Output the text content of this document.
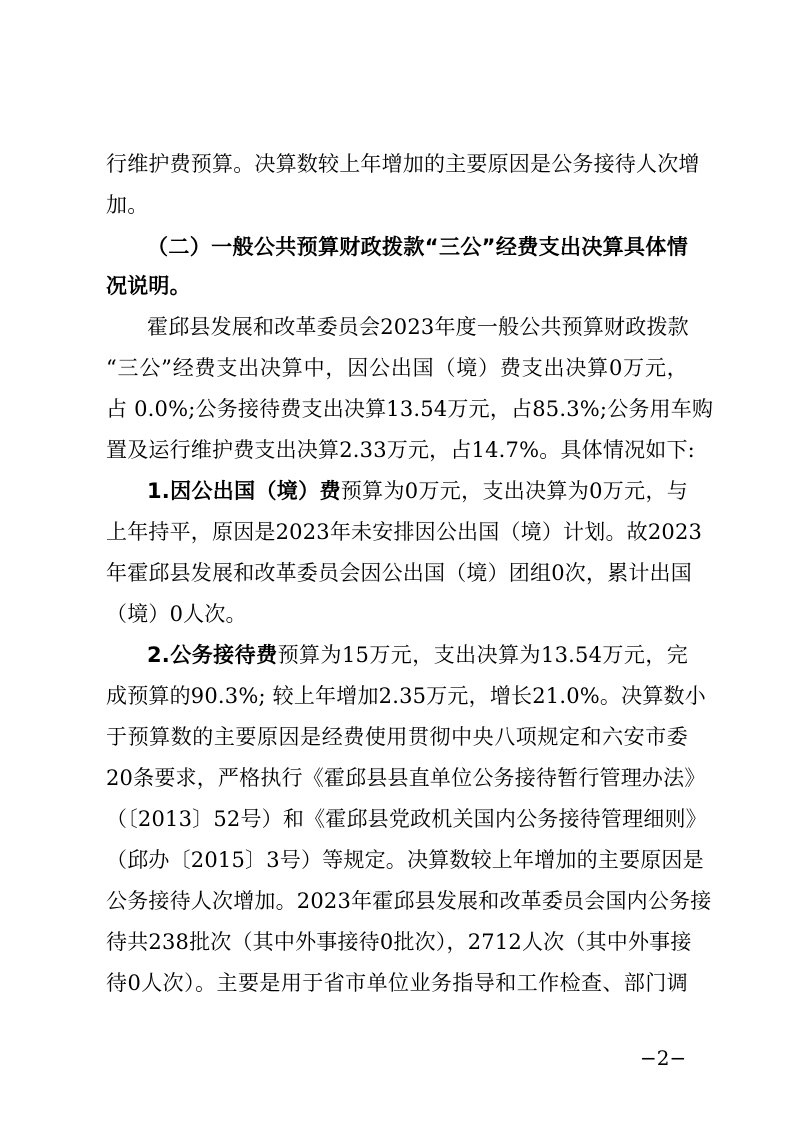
行维护费预算。决算数较上年增加的主要原因是公务接待人次增
加。
（二）一般公共预算财政拨款“三公”经费支出决算具体情
况说明。
霍邱县发展和改革委员会2023年度一般公共预算财政拨款
“三公”经费支出决算中，因公出国（境）费支出决算0万元，
占 0.0%;公务接待费支出决算13.54万元，占85.3%;公务用车购
置及运行维护费支出决算2.33万元，占14.7%。具体情况如下:
1.因公出国（境）费预算为0万元，支出决算为0万元，与
上年持平，原因是2023年未安排因公出国（境）计划。故2023
年霍邱县发展和改革委员会因公出国（境）团组0次，累计出国
（境）0人次。
2.公务接待费预算为15万元，支出决算为13.54万元，完
成预算的90.3%; 较上年增加2.35万元，增长21.0%。决算数小
于预算数的主要原因是经费使用贯彻中央八项规定和六安市委
20条要求，严格执行《霍邱县县直单位公务接待暂行管理办法》
（〔2013〕52号）和《霍邱县党政机关国内公务接待管理细则》
（邱办〔2015〕3号）等规定。决算数较上年增加的主要原因是
公务接待人次增加。2023年霍邱县发展和改革委员会国内公务接
待共238批次（其中外事接待0批次），2712人次（其中外事接
待0人次）。主要是用于省市单位业务指导和工作检查、部门调
−2−
